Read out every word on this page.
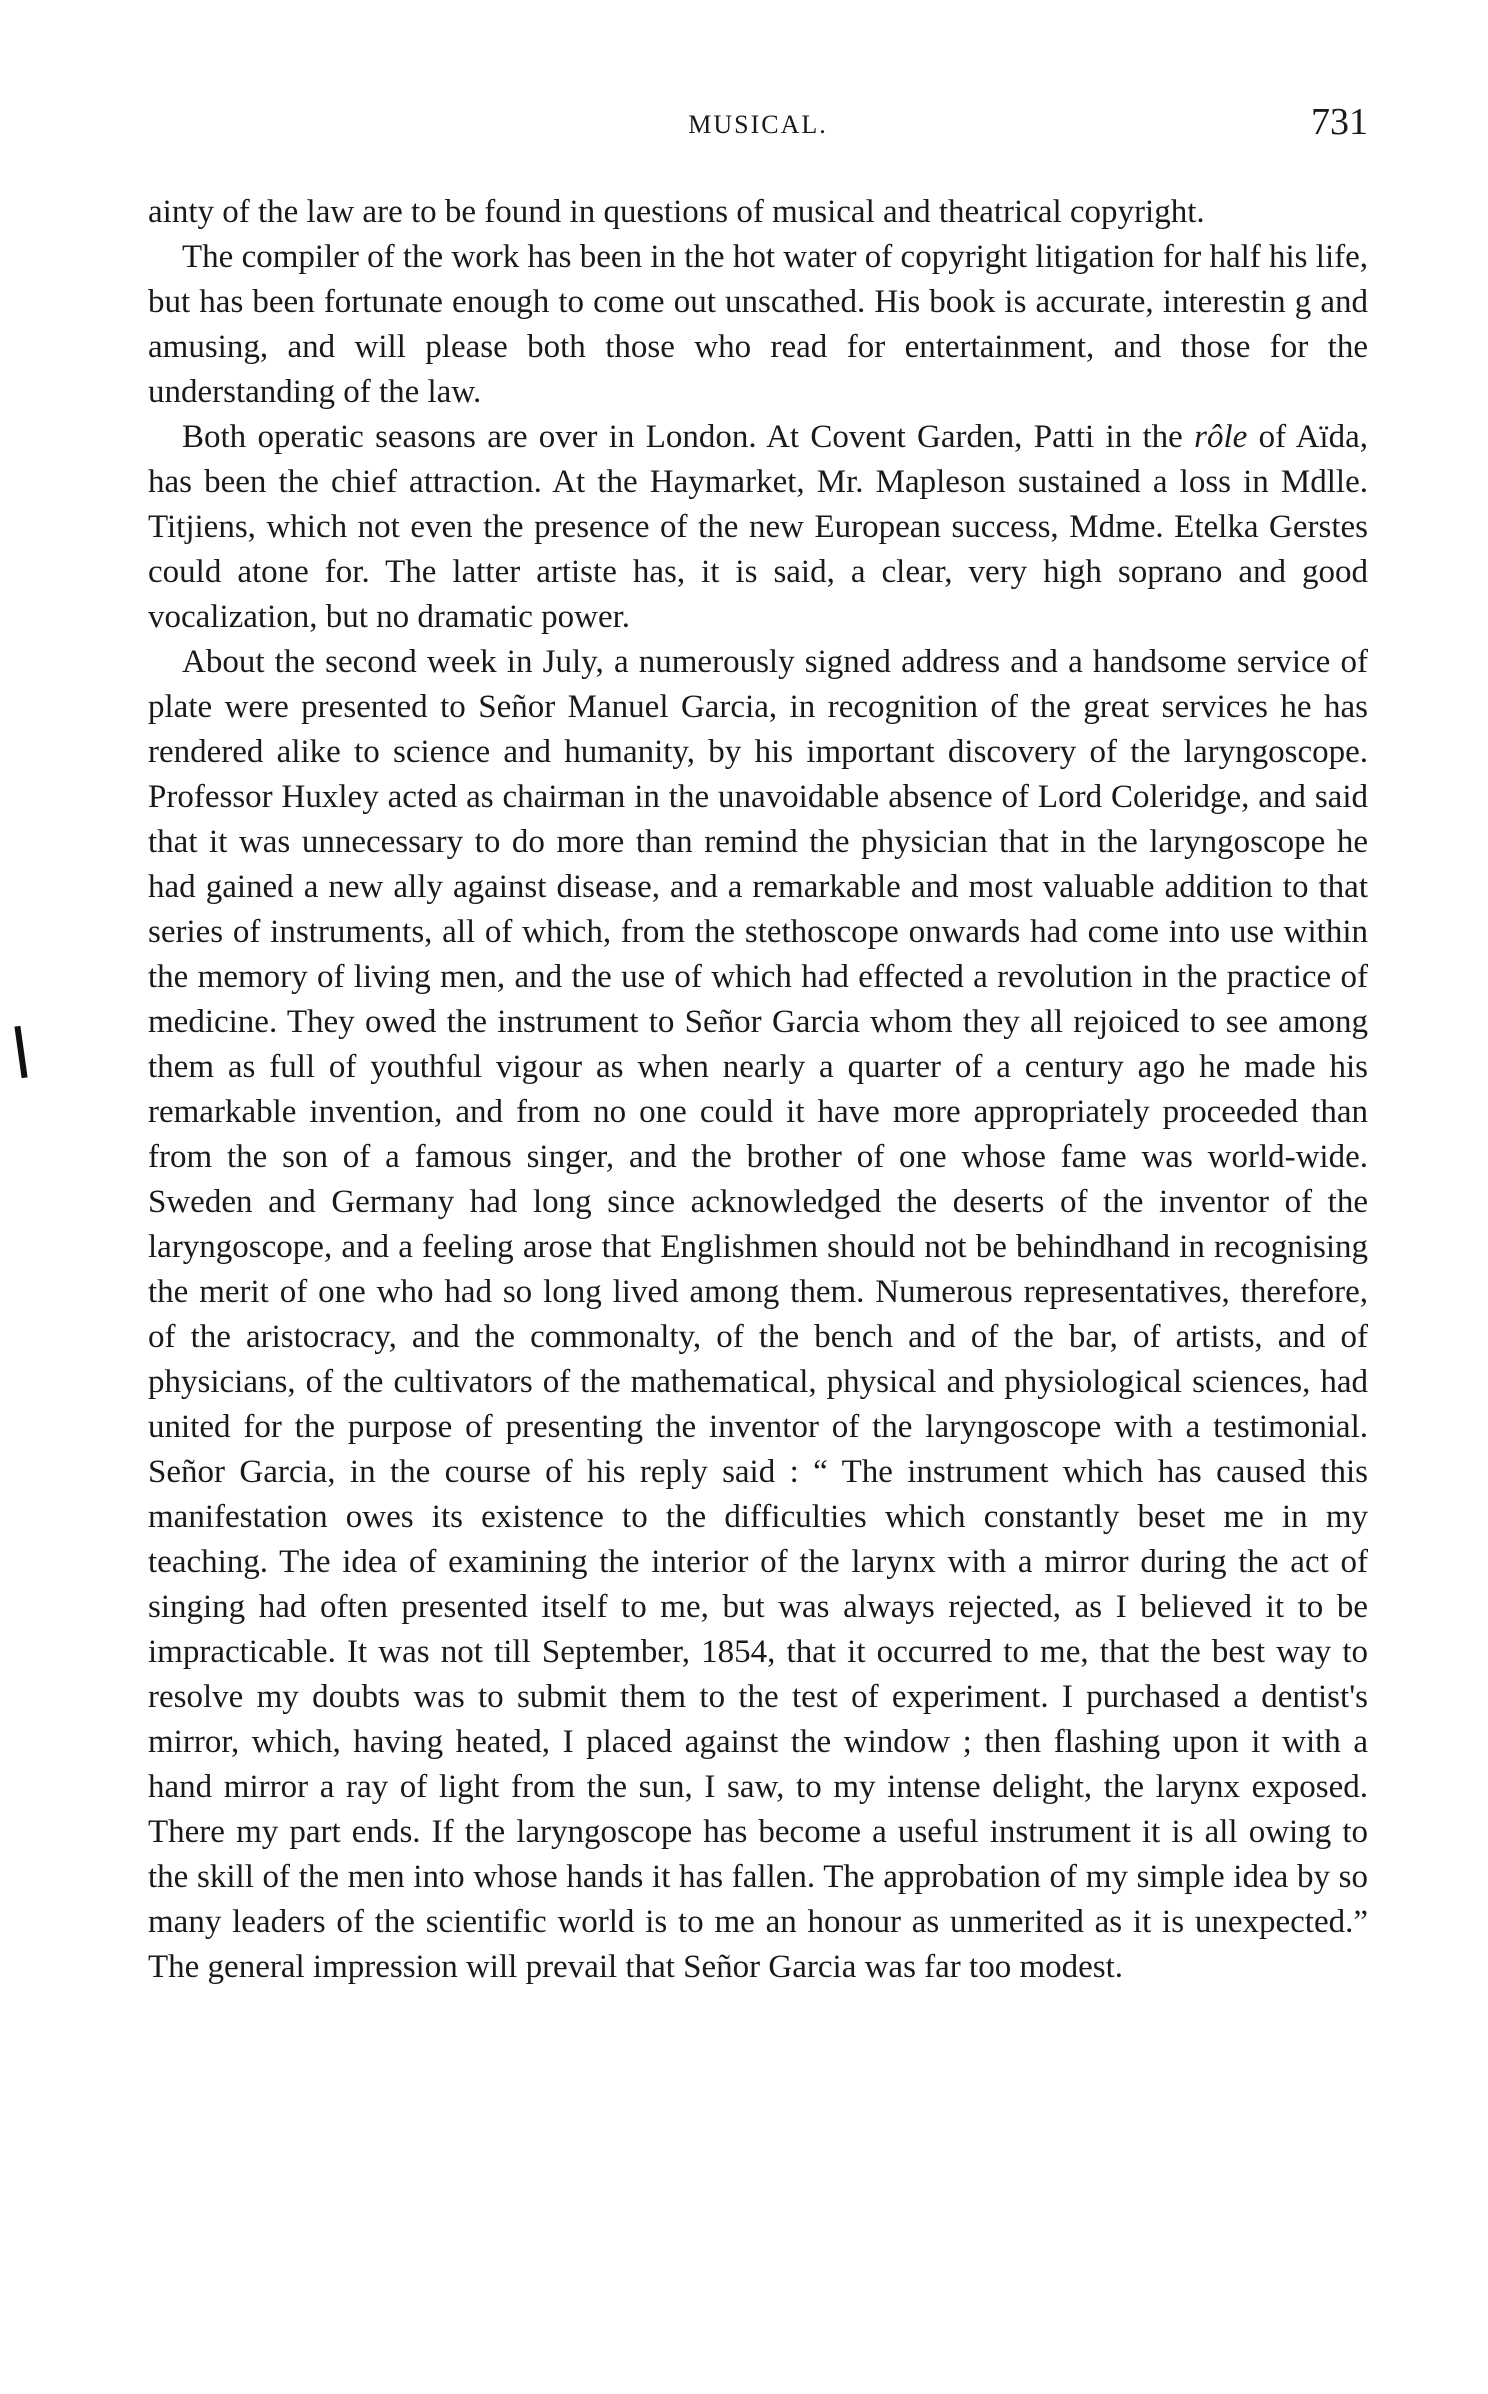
MUSICAL.	731

ainty of the law are to be found in questions of musical and theatrical copyright.

The compiler of the work has been in the hot water of copyright litigation for half his life, but has been fortunate enough to come out unscathed. His book is accurate, interestin g and amusing, and will please both those who read for entertainment, and those for the understanding of the law.

Both operatic seasons are over in London. At Covent Garden, Patti in the rôle of Aïda, has been the chief attraction. At the Haymarket, Mr. Mapleson sustained a loss in Mdlle. Titjiens, which not even the presence of the new European success, Mdme. Etelka Gerstes could atone for. The latter artiste has, it is said, a clear, very high soprano and good vocalization, but no dramatic power.

About the second week in July, a numerously signed address and a handsome service of plate were presented to Señor Manuel Garcia, in recognition of the great services he has rendered alike to science and humanity, by his important discovery of the laryngoscope. Professor Huxley acted as chairman in the unavoidable absence of Lord Coleridge, and said that it was unnecessary to do more than remind the physician that in the laryngoscope he had gained a new ally against disease, and a remarkable and most valuable addition to that series of instruments, all of which, from the stethoscope onwards had come into use within the memory of living men, and the use of which had effected a revolution in the practice of medicine. They owed the instrument to Señor Garcia whom they all rejoiced to see among them as full of youthful vigour as when nearly a quarter of a century ago he made his remarkable invention, and from no one could it have more appropriately proceeded than from the son of a famous singer, and the brother of one whose fame was world-wide. Sweden and Germany had long since acknowledged the deserts of the inventor of the laryngoscope, and a feeling arose that Englishmen should not be behindhand in recognising the merit of one who had so long lived among them. Numerous representatives, therefore, of the aristocracy, and the commonalty, of the bench and of the bar, of artists, and of physicians, of the cultivators of the mathematical, physical and physiological sciences, had united for the purpose of presenting the inventor of the laryngoscope with a testimonial. Señor Garcia, in the course of his reply said : “ The instrument which has caused this manifestation owes its existence to the difficulties which constantly beset me in my teaching. The idea of examining the interior of the larynx with a mirror during the act of singing had often presented itself to me, but was always rejected, as I believed it to be impracticable. It was not till September, 1854, that it occurred to me, that the best way to resolve my doubts was to submit them to the test of experiment. I purchased a dentist's mirror, which, having heated, I placed against the window ; then flashing upon it with a hand mirror a ray of light from the sun, I saw, to my intense delight, the larynx exposed. There my part ends. If the laryngoscope has become a useful instrument it is all owing to the skill of the men into whose hands it has fallen. The approbation of my simple idea by so many leaders of the scientific world is to me an honour as unmerited as it is unexpected.” The general impression will prevail that Señor Garcia was far too modest.
